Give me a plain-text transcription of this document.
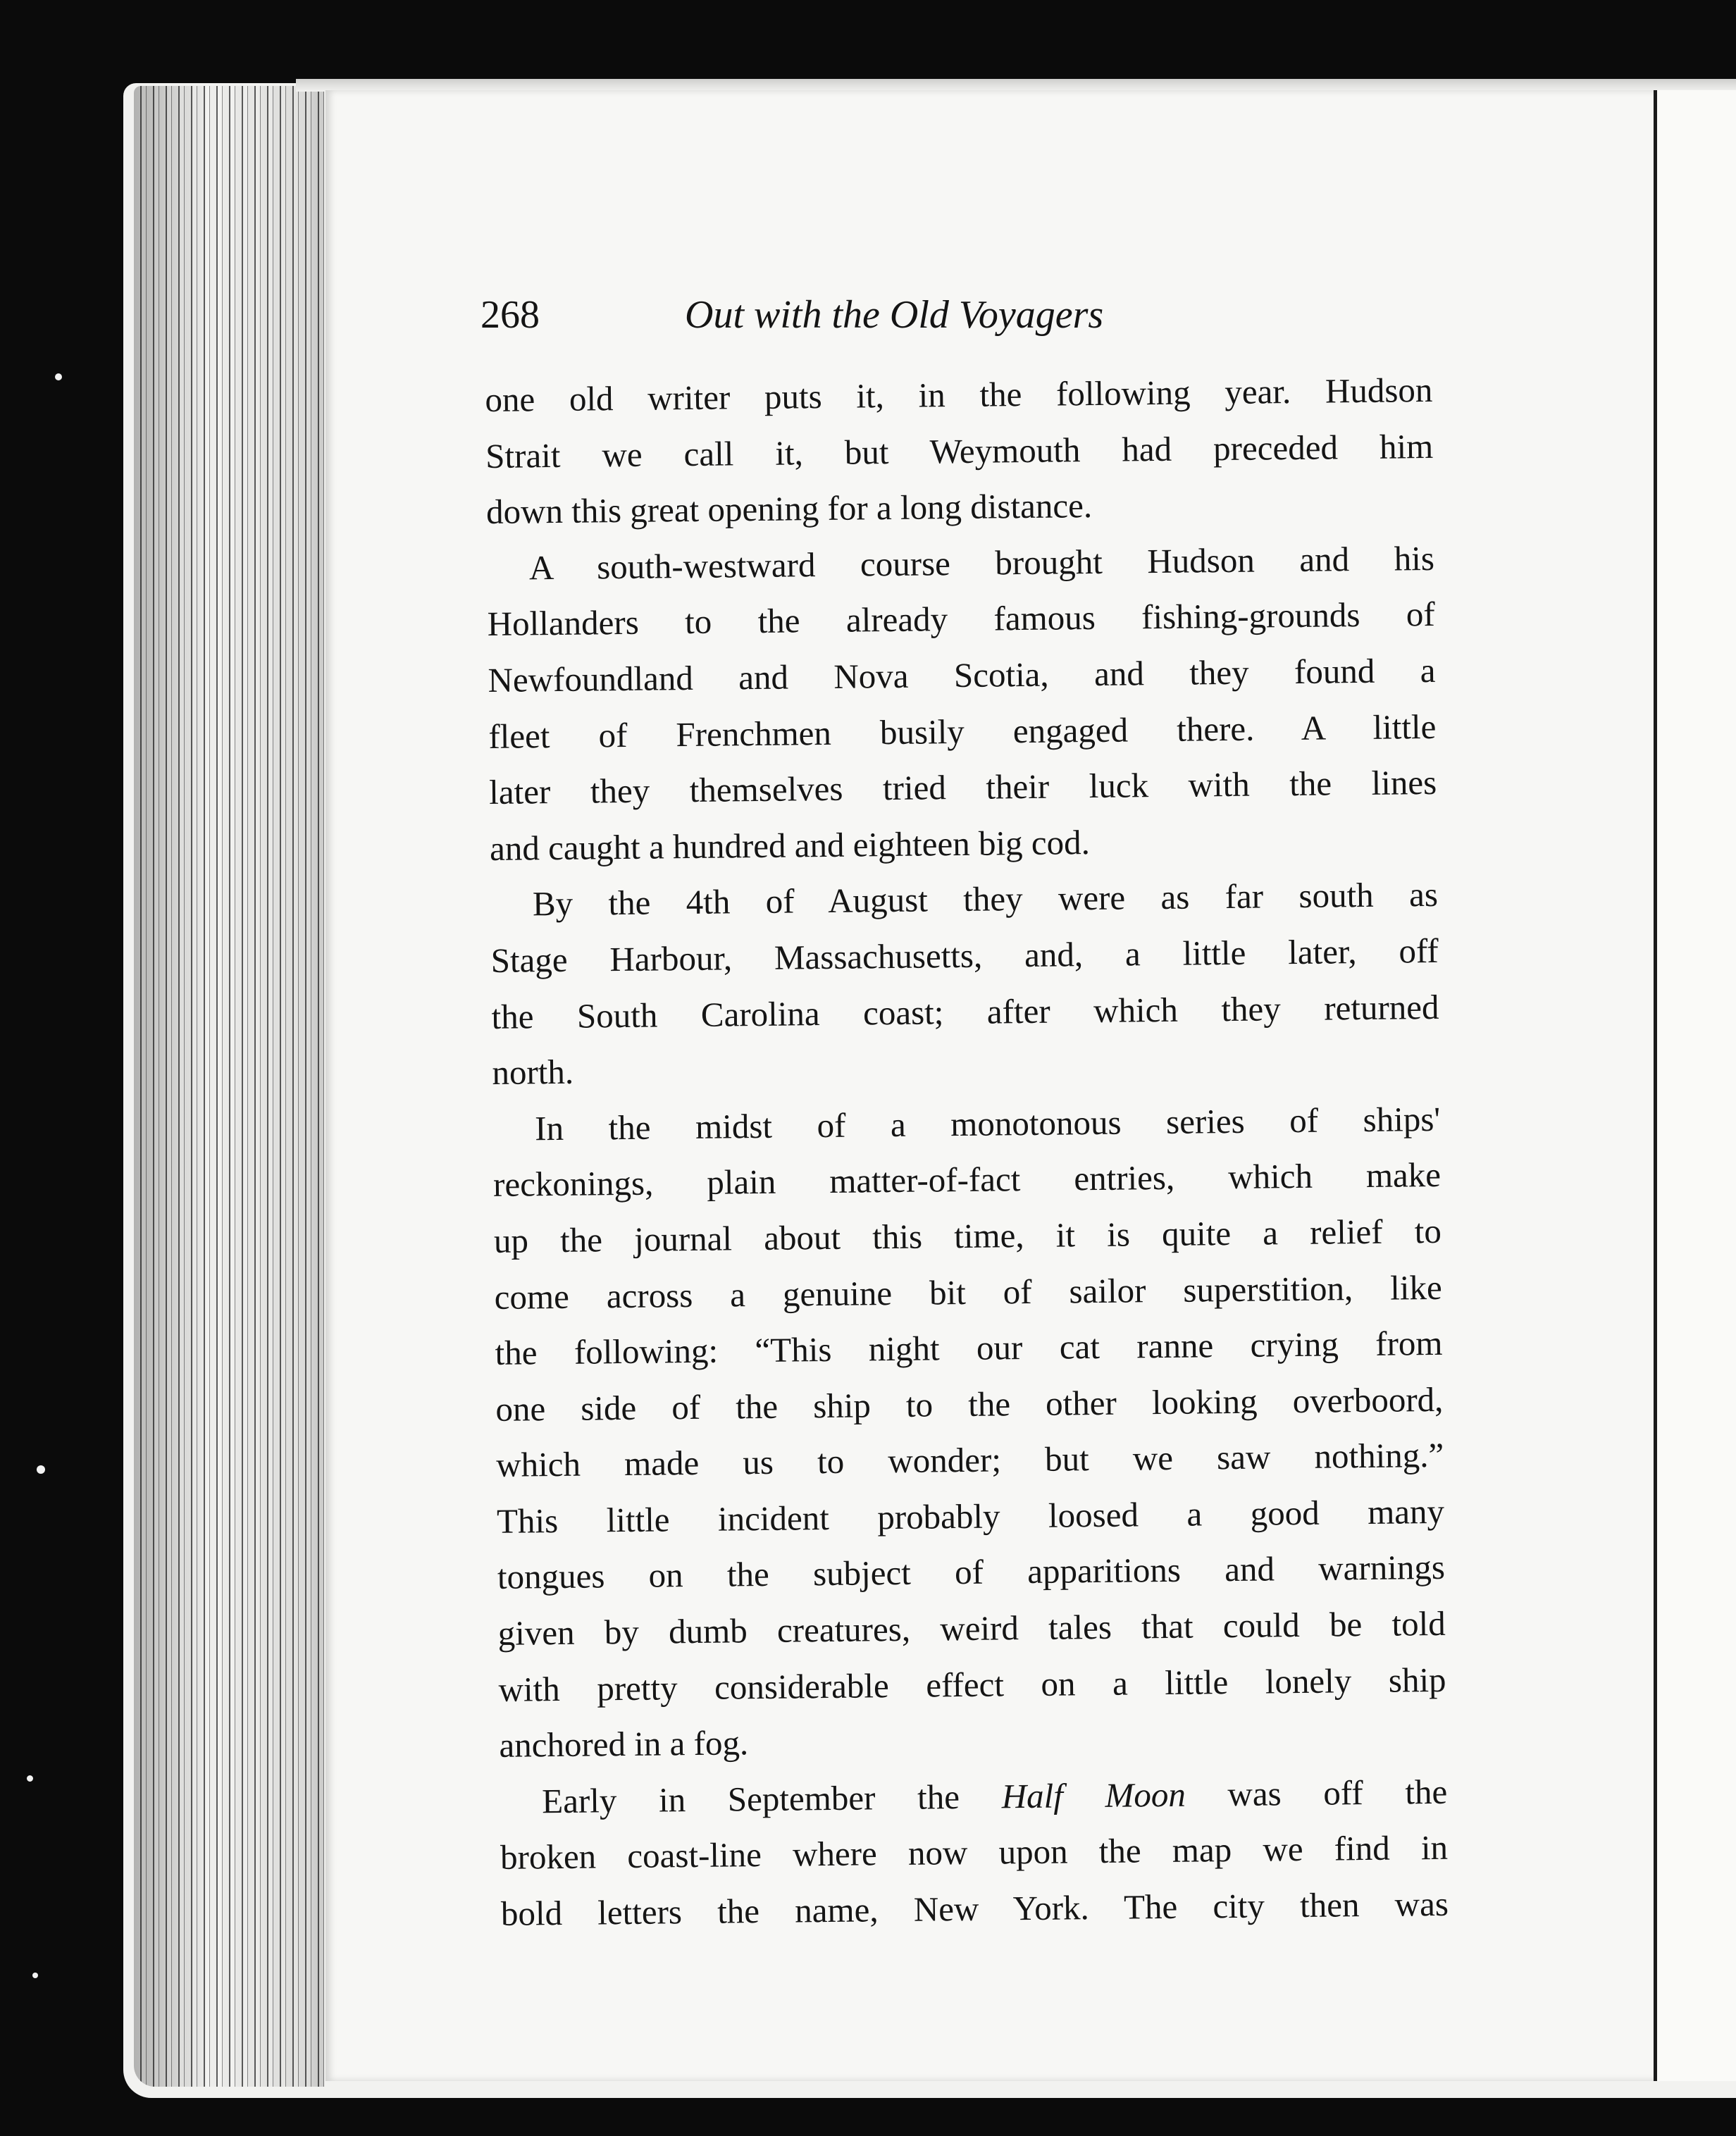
268	Out with the Old Voyagers
one old writer puts it, in the following year. Hudson
Strait we call it, but Weymouth had preceded him
down this great opening for a long distance.
A south-westward course brought Hudson and his
Hollanders to the already famous fishing-grounds of
Newfoundland and Nova Scotia, and they found a
fleet of Frenchmen busily engaged there. A little
later they themselves tried their luck with the lines
and caught a hundred and eighteen big cod.
By the 4th of August they were as far south as
Stage Harbour, Massachusetts, and, a little later, off
the South Carolina coast; after which they returned
north.
In the midst of a monotonous series of ships'
reckonings, plain matter-of-fact entries, which make
up the journal about this time, it is quite a relief to
come across a genuine bit of sailor superstition, like
the following: “This night our cat ranne crying from
one side of the ship to the other looking overboord,
which made us to wonder; but we saw nothing.”
This little incident probably loosed a good many
tongues on the subject of apparitions and warnings
given by dumb creatures, weird tales that could be told
with pretty considerable effect on a little lonely ship
anchored in a fog.
Early in September the Half Moon was off the
broken coast-line where now upon the map we find in
bold letters the name, New York. The city then was
